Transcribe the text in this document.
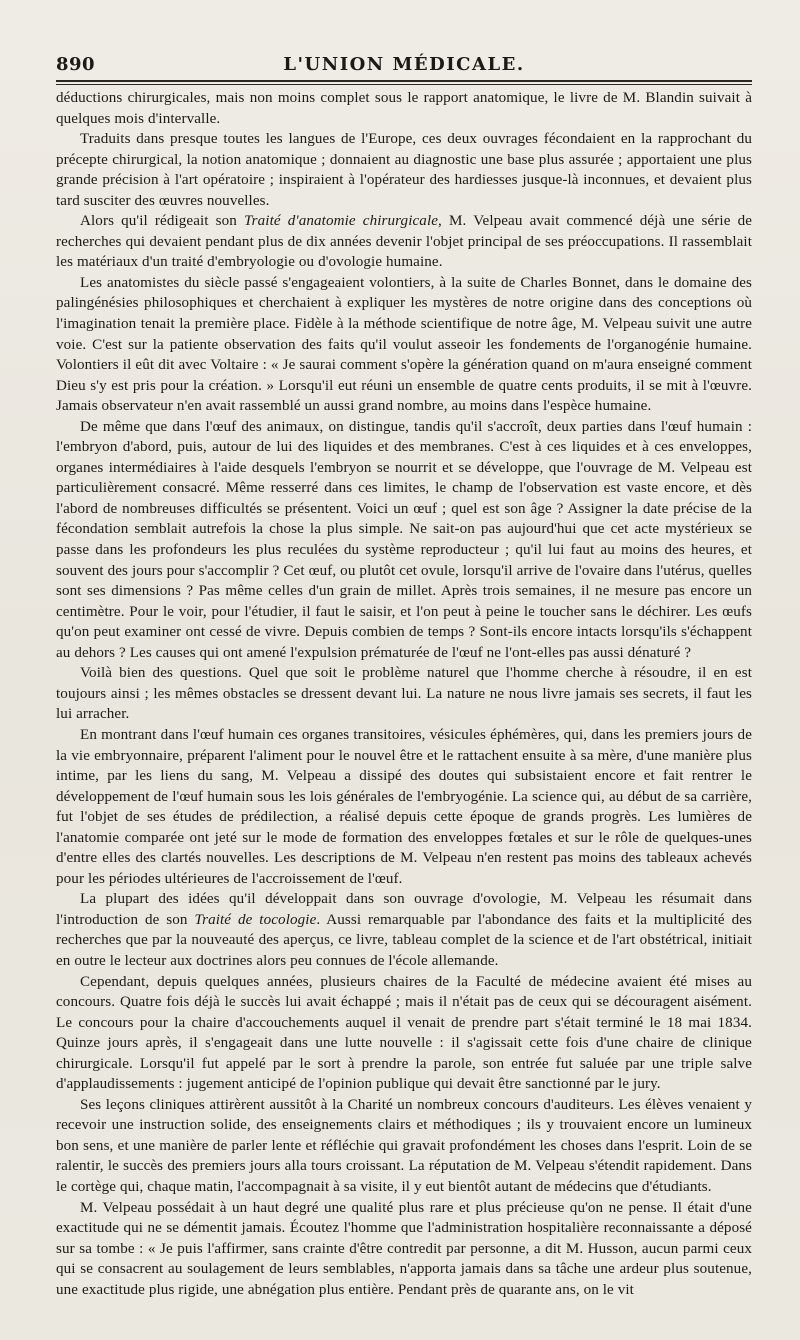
890	L'UNION MÉDICALE.

déductions chirurgicales, mais non moins complet sous le rapport anatomique, le livre de M. Blandin suivait à quelques mois d'intervalle.

Traduits dans presque toutes les langues de l'Europe, ces deux ouvrages fécondaient en la rapprochant du précepte chirurgical, la notion anatomique ; donnaient au diagnostic une base plus assurée ; apportaient une plus grande précision à l'art opératoire ; inspiraient à l'opérateur des hardiesses jusque-là inconnues, et devaient plus tard susciter des œuvres nouvelles.

Alors qu'il rédigeait son Traité d'anatomie chirurgicale, M. Velpeau avait commencé déjà une série de recherches qui devaient pendant plus de dix années devenir l'objet principal de ses préoccupations. Il rassemblait les matériaux d'un traité d'embryologie ou d'ovologie humaine.

Les anatomistes du siècle passé s'engageaient volontiers, à la suite de Charles Bonnet, dans le domaine des palingénésies philosophiques et cherchaient à expliquer les mystères de notre origine dans des conceptions où l'imagination tenait la première place. Fidèle à la méthode scientifique de notre âge, M. Velpeau suivit une autre voie. C'est sur la patiente observation des faits qu'il voulut asseoir les fondements de l'organogénie humaine. Volontiers il eût dit avec Voltaire : « Je saurai comment s'opère la génération quand on m'aura enseigné comment Dieu s'y est pris pour la création. » Lorsqu'il eut réuni un ensemble de quatre cents produits, il se mit à l'œuvre. Jamais observateur n'en avait rassemblé un aussi grand nombre, au moins dans l'espèce humaine.

De même que dans l'œuf des animaux, on distingue, tandis qu'il s'accroît, deux parties dans l'œuf humain : l'embryon d'abord, puis, autour de lui des liquides et des membranes. C'est à ces liquides et à ces enveloppes, organes intermédiaires à l'aide desquels l'embryon se nourrit et se développe, que l'ouvrage de M. Velpeau est particulièrement consacré. Même resserré dans ces limites, le champ de l'observation est vaste encore, et dès l'abord de nombreuses difficultés se présentent. Voici un œuf ; quel est son âge ? Assigner la date précise de la fécondation semblait autrefois la chose la plus simple. Ne sait-on pas aujourd'hui que cet acte mystérieux se passe dans les profondeurs les plus reculées du système reproducteur ; qu'il lui faut au moins des heures, et souvent des jours pour s'accomplir ? Cet œuf, ou plutôt cet ovule, lorsqu'il arrive de l'ovaire dans l'utérus, quelles sont ses dimensions ? Pas même celles d'un grain de millet. Après trois semaines, il ne mesure pas encore un centimètre. Pour le voir, pour l'étudier, il faut le saisir, et l'on peut à peine le toucher sans le déchirer. Les œufs qu'on peut examiner ont cessé de vivre. Depuis combien de temps ? Sont-ils encore intacts lorsqu'ils s'échappent au dehors ? Les causes qui ont amené l'expulsion prématurée de l'œuf ne l'ont-elles pas aussi dénaturé ?

Voilà bien des questions. Quel que soit le problème naturel que l'homme cherche à résoudre, il en est toujours ainsi ; les mêmes obstacles se dressent devant lui. La nature ne nous livre jamais ses secrets, il faut les lui arracher.

En montrant dans l'œuf humain ces organes transitoires, vésicules éphémères, qui, dans les premiers jours de la vie embryonnaire, préparent l'aliment pour le nouvel être et le rattachent ensuite à sa mère, d'une manière plus intime, par les liens du sang, M. Velpeau a dissipé des doutes qui subsistaient encore et fait rentrer le développement de l'œuf humain sous les lois générales de l'embryogénie. La science qui, au début de sa carrière, fut l'objet de ses études de prédilection, a réalisé depuis cette époque de grands progrès. Les lumières de l'anatomie comparée ont jeté sur le mode de formation des enveloppes fœtales et sur le rôle de quelques-unes d'entre elles des clartés nouvelles. Les descriptions de M. Velpeau n'en restent pas moins des tableaux achevés pour les périodes ultérieures de l'accroissement de l'œuf.

La plupart des idées qu'il développait dans son ouvrage d'ovologie, M. Velpeau les résumait dans l'introduction de son Traité de tocologie. Aussi remarquable par l'abondance des faits et la multiplicité des recherches que par la nouveauté des aperçus, ce livre, tableau complet de la science et de l'art obstétrical, initiait en outre le lecteur aux doctrines alors peu connues de l'école allemande.

Cependant, depuis quelques années, plusieurs chaires de la Faculté de médecine avaient été mises au concours. Quatre fois déjà le succès lui avait échappé ; mais il n'était pas de ceux qui se découragent aisément. Le concours pour la chaire d'accouchements auquel il venait de prendre part s'était terminé le 18 mai 1834. Quinze jours après, il s'engageait dans une lutte nouvelle : il s'agissait cette fois d'une chaire de clinique chirurgicale. Lorsqu'il fut appelé par le sort à prendre la parole, son entrée fut saluée par une triple salve d'applaudissements : jugement anticipé de l'opinion publique qui devait être sanctionné par le jury.

Ses leçons cliniques attirèrent aussitôt à la Charité un nombreux concours d'auditeurs. Les élèves venaient y recevoir une instruction solide, des enseignements clairs et méthodiques ; ils y trouvaient encore un lumineux bon sens, et une manière de parler lente et réfléchie qui gravait profondément les choses dans l'esprit. Loin de se ralentir, le succès des premiers jours alla tours croissant. La réputation de M. Velpeau s'étendit rapidement. Dans le cortège qui, chaque matin, l'accompagnait à sa visite, il y eut bientôt autant de médecins que d'étudiants.

M. Velpeau possédait à un haut degré une qualité plus rare et plus précieuse qu'on ne pense. Il était d'une exactitude qui ne se démentit jamais. Écoutez l'homme que l'administration hospitalière reconnaissante a déposé sur sa tombe : « Je puis l'affirmer, sans crainte d'être contredit par personne, a dit M. Husson, aucun parmi ceux qui se consacrent au soulagement de leurs semblables, n'apporta jamais dans sa tâche une ardeur plus soutenue, une exactitude plus rigide, une abnégation plus entière. Pendant près de quarante ans, on le vit
